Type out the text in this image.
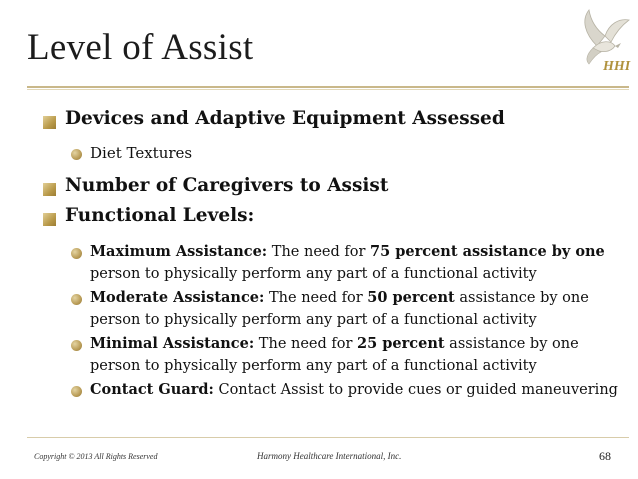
Level of Assist	HHI
Devices and Adaptive Equipment Assessed
Diet Textures
Number of Caregivers to Assist
Functional Levels:
Maximum Assistance: The need for 75 percent assistance by one person to physically perform any part of a functional activity
Moderate Assistance: The need for 50 percent assistance by one person to physically perform any part of a functional activity
Minimal Assistance: The need for 25 percent assistance by one person to physically perform any part of a functional activity
Contact Guard: Contact Assist to provide cues or guided maneuvering
Copyright © 2013 All Rights Reserved	Harmony Healthcare International, Inc.	68
